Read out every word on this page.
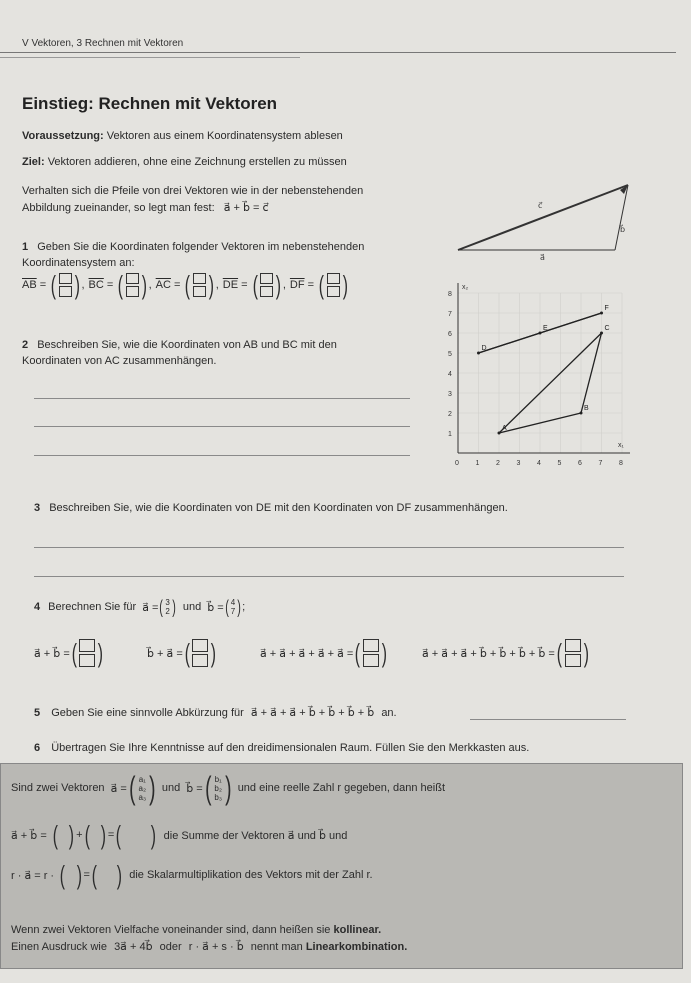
V Vektoren, 3 Rechnen mit Vektoren
Einstieg: Rechnen mit Vektoren
Voraussetzung: Vektoren aus einem Koordinatensystem ablesen
Ziel: Vektoren addieren, ohne eine Zeichnung erstellen zu müssen
Verhalten sich die Pfeile von drei Vektoren wie in der nebenstehenden
Abbildung zueinander, so legt man fest: a⃗ + b⃗ = c⃗
a⃗
b⃗
c⃗
1 Geben Sie die Koordinaten folgender Vektoren im nebenstehenden
Koordinatensystem an:
$\overline{AB}$ = ( ) , $\overline{BC}$ = ( ) , $\overline{AC}$ = ( ) , $\overline{DE}$ = ( ) , $\overline{DF}$ = ( )
2 Beschreiben Sie, wie die Koordinaten von AB und BC mit den
Koordinaten von AC zusammenhängen.
0 1 2 3 4 5 6 7 8
1
2
3
4
5
6
7
8
x₁
x₂
A
B
C
D
E
F
3 Beschreiben Sie, wie die Koordinaten von DE mit den Koordinaten von DF zusammenhängen.
4 Berechnen Sie für a⃗ = ( 3
2 ) und b⃗ = ( 4
7 ) ;
a⃗ + b⃗ = ( )	b⃗ + a⃗ = ( )	a⃗ + a⃗ + a⃗ + a⃗ + a⃗ = ( )	a⃗ + a⃗ + a⃗ + b⃗ + b⃗ + b⃗ + b⃗ = ( )
5 Geben Sie eine sinnvolle Abkürzung für a⃗ + a⃗ + a⃗ + b⃗ + b⃗ + b⃗ + b⃗ an.
6 Übertragen Sie Ihre Kenntnisse auf den dreidimensionalen Raum. Füllen Sie den Merkkasten aus.
Sind zwei Vektoren a⃗ = ( a₁
a₂
a₃ ) und b⃗ = ( b₁
b₂
b₃ ) und eine reelle Zahl r gegeben, dann heißt
a⃗ + b⃗ = ( ) + ( ) = ( ) die Summe der Vektoren a⃗ und b⃗ und
r · a⃗ = r · ( ) = ( ) die Skalarmultiplikation des Vektors mit der Zahl r.
Wenn zwei Vektoren Vielfache voneinander sind, dann heißen sie kollinear.
Einen Ausdruck wie 3a⃗ + 4b⃗ oder r · a⃗ + s · b⃗ nennt man Linearkombination.
